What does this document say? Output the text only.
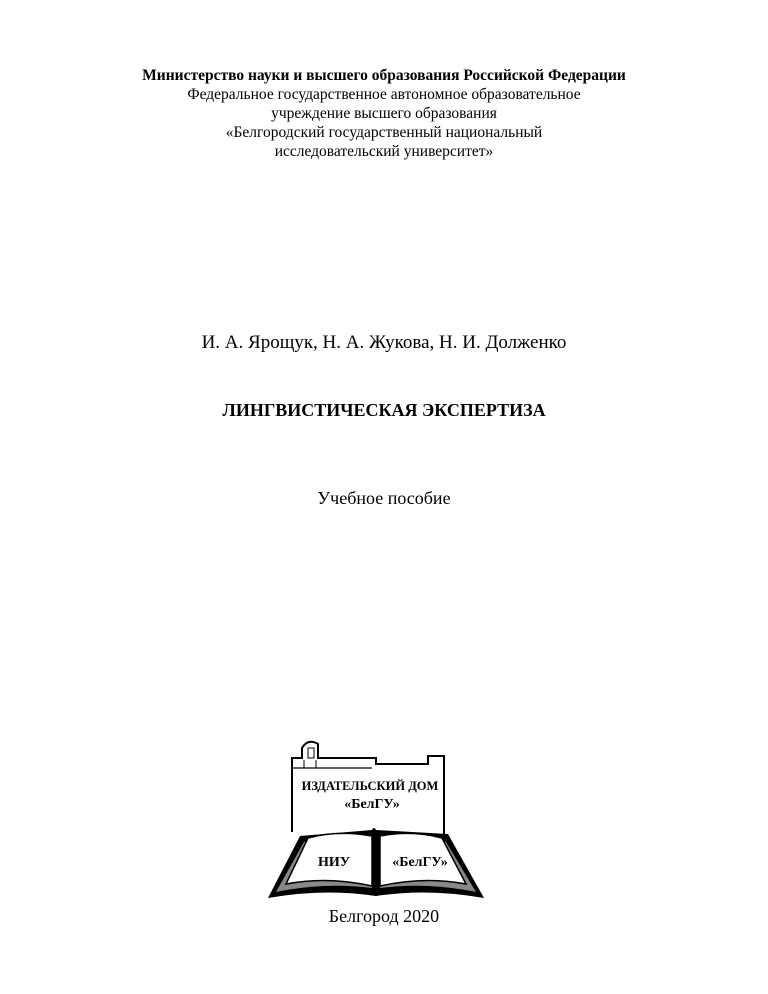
Министерство науки и высшего образования Российской Федерации
Федеральное государственное автономное образовательное
учреждение высшего образования
«Белгородский государственный национальный
исследовательский университет»
И. А. Ярощук, Н. А. Жукова, Н. И. Долженко
ЛИНГВИСТИЧЕСКАЯ ЭКСПЕРТИЗА
Учебное пособие
ИЗДАТЕЛЬСКИЙ ДОМ
«БелГУ»
НИУ	«БелГУ»
Белгород 2020
